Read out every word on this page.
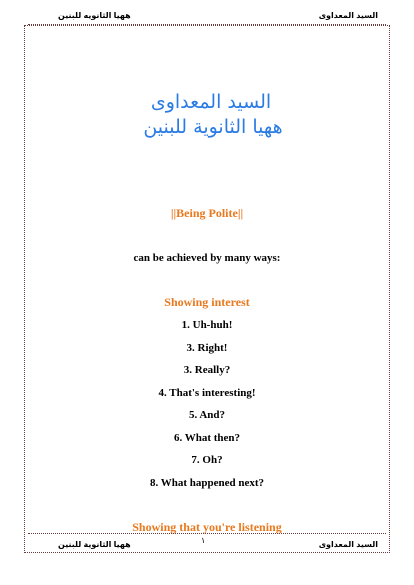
ههيا الثانويه للبنين	السيد المعداوى
السيد المعداوى
ههيا الثانوية للبنين
||Being Polite||
can be achieved by many ways:
Showing interest
1. Uh-huh!
3. Right!
3. Really?
4. That's interesting!
5. And?
6. What then?
7. Oh?
8. What happened next?
Showing that you're listening
ههيا الثانوية للبنين	١	السيد المعداوى
